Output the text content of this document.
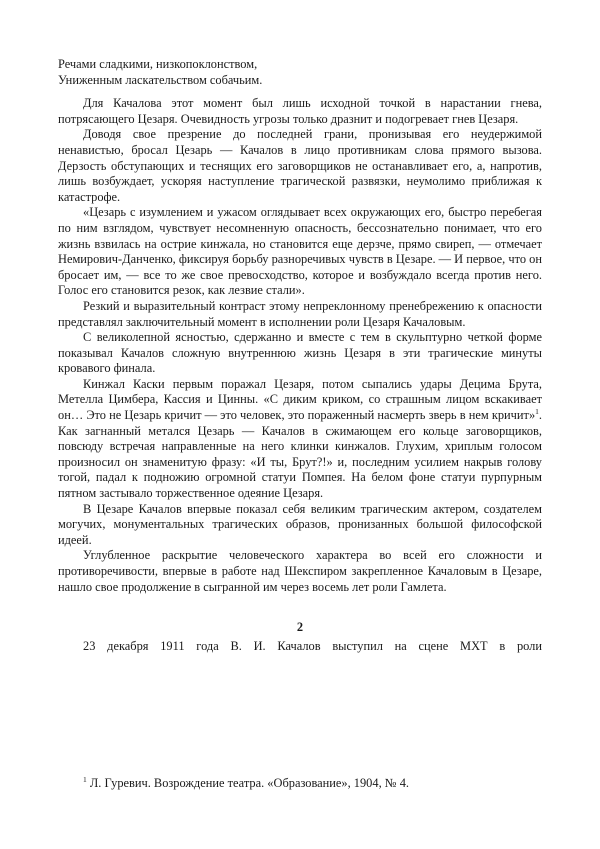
Речами сладкими, низкопоклонством,
Униженным ласкательством собачьим.

Для Качалова этот момент был лишь исходной точкой в нарастании гнева, потрясающего Цезаря. Очевидность угрозы только дразнит и подогревает гнев Цезаря.

Доводя свое презрение до последней грани, пронизывая его неудержимой ненавистью, бросал Цезарь — Качалов в лицо противникам слова прямого вызова. Дерзость обступающих и теснящих его заговорщиков не останавливает его, а, напротив, лишь возбуждает, ускоряя наступление трагической развязки, неумолимо приближая к катастрофе.

«Цезарь с изумлением и ужасом оглядывает всех окружающих его, быстро перебегая по ним взглядом, чувствует несомненную опасность, бессознательно понимает, что его жизнь взвилась на острие кинжала, но становится еще дерзче, прямо свиреп, — отмечает Немирович-Данченко, фиксируя борьбу разноречивых чувств в Цезаре. — И первое, что он бросает им, — все то же свое превосходство, которое и возбуждало всегда против него. Голос его становится резок, как лезвие стали».

Резкий и выразительный контраст этому непреклонному пренебрежению к опасности представлял заключительный момент в исполнении роли Цезаря Качаловым.

С великолепной ясностью, сдержанно и вместе с тем в скульптурно четкой форме показывал Качалов сложную внутреннюю жизнь Цезаря в эти трагические минуты кровавого финала.

Кинжал Каски первым поражал Цезаря, потом сыпались удары Децима Брута, Метелла Цимбера, Кассия и Цинны. «С диким криком, со страшным лицом вскакивает он… Это не Цезарь кричит — это человек, это пораженный насмерть зверь в нем кричит»$^1$. Как загнанный метался Цезарь — Качалов в сжимающем его кольце заговорщиков, повсюду встречая направленные на него клинки кинжалов. Глухим, хриплым голосом произносил он знаменитую фразу: «И ты, Брут?!» и, последним усилием накрыв голову тогой, падал к подножию огромной статуи Помпея. На белом фоне статуи пурпурным пятном застывало торжественное одеяние Цезаря.

В Цезаре Качалов впервые показал себя великим трагическим актером, создателем могучих, монументальных трагических образов, пронизанных большой философской идеей.

Углубленное раскрытие человеческого характера во всей его сложности и противоречивости, впервые в работе над Шекспиром закрепленное Качаловым в Цезаре, нашло свое продолжение в сыгранной им через восемь лет роли Гамлета.

2

23 декабря 1911 года В. И. Качалов выступил на сцене МХТ в роли

$^1$ Л. Гуревич. Возрождение театра. «Образование», 1904, № 4.
